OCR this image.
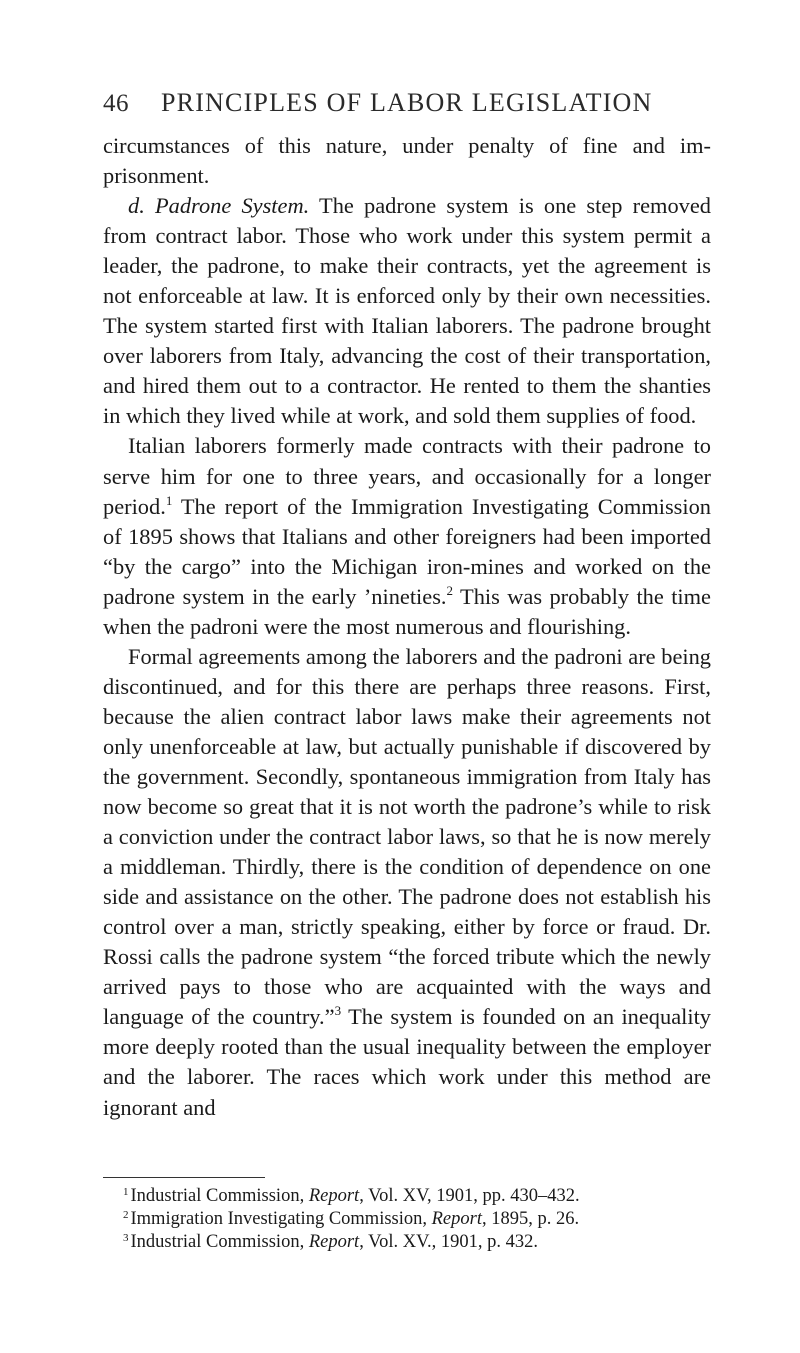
46	PRINCIPLES OF LABOR LEGISLATION

circumstances of this nature, under penalty of fine and imprisonment.

d. Padrone System. The padrone system is one step removed from contract labor. Those who work under this system permit a leader, the padrone, to make their contracts, yet the agreement is not enforceable at law. It is enforced only by their own necessities. The system started first with Italian laborers. The padrone brought over laborers from Italy, advancing the cost of their transportation, and hired them out to a contractor. He rented to them the shanties in which they lived while at work, and sold them supplies of food.

Italian laborers formerly made contracts with their padrone to serve him for one to three years, and occasionally for a longer period.$^1$ The report of the Immigration Investigating Commission of 1895 shows that Italians and other foreigners had been imported “by the cargo” into the Michigan iron-mines and worked on the padrone system in the early ’nineties.$^2$ This was probably the time when the padroni were the most numerous and flourishing.

Formal agreements among the laborers and the padroni are being discontinued, and for this there are perhaps three reasons. First, because the alien contract labor laws make their agreements not only unenforceable at law, but actually punishable if discovered by the government. Secondly, spontaneous immigration from Italy has now become so great that it is not worth the padrone’s while to risk a conviction under the contract labor laws, so that he is now merely a middleman. Thirdly, there is the condition of dependence on one side and assistance on the other. The padrone does not establish his control over a man, strictly speaking, either by force or fraud. Dr. Rossi calls the padrone system “the forced tribute which the newly arrived pays to those who are acquainted with the ways and language of the country.”$^3$ The system is founded on an inequality more deeply rooted than the usual inequality between the employer and the laborer. The races which work under this method are ignorant and

$^1$ Industrial Commission, Report, Vol. XV, 1901, pp. 430–432.
$^2$ Immigration Investigating Commission, Report, 1895, p. 26.
$^3$ Industrial Commission, Report, Vol. XV., 1901, p. 432.
